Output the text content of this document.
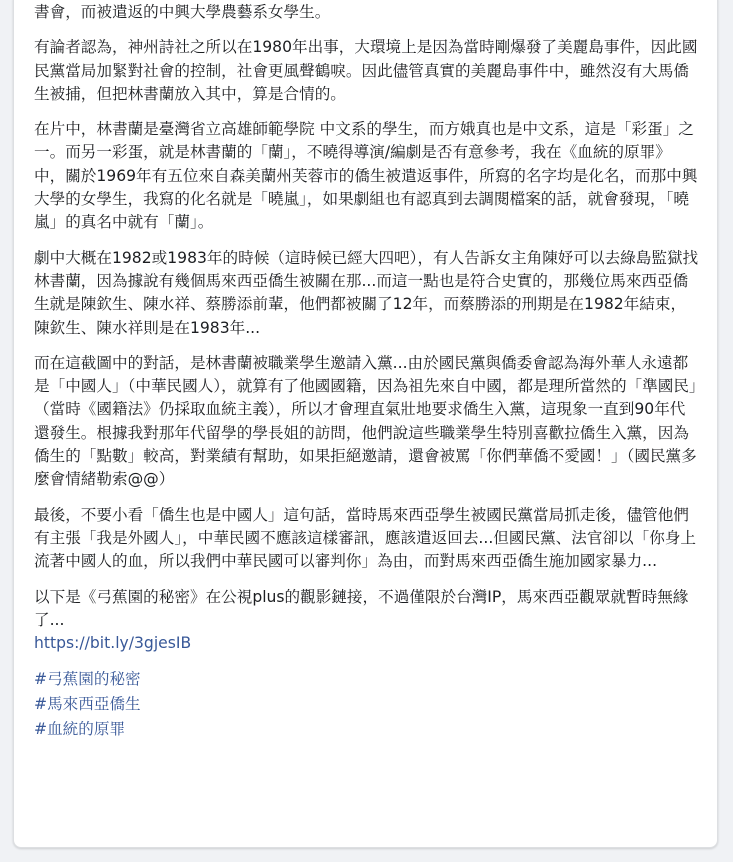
書會，而被遣返的中興大學農藝系女學生。

有論者認為，神州詩社之所以在1980年出事，大環境上是因為當時剛爆發了美麗島事件，因此國民黨當局加緊對社會的控制，社會更風聲鶴唳。因此儘管真實的美麗島事件中，雖然沒有大馬僑生被捕，但把林書蘭放入其中，算是合情的。

在片中，林書蘭是臺灣省立高雄師範學院 中文系的學生，而方娥真也是中文系，這是「彩蛋」之一。而另一彩蛋，就是林書蘭的「蘭」，不曉得導演/編劇是否有意參考，我在《血統的原罪》中，關於1969年有五位來自森美蘭州芙蓉市的僑生被遣返事件，所寫的名字均是化名，而那中興大學的女學生，我寫的化名就是「曉嵐」，如果劇組也有認真到去調閱檔案的話，就會發現，「曉嵐」的真名中就有「蘭」。

劇中大概在1982或1983年的時候（這時候已經大四吧），有人告訴女主角陳妤可以去綠島監獄找林書蘭，因為據說有幾個馬來西亞僑生被關在那...而這一點也是符合史實的，那幾位馬來西亞僑生就是陳欽生、陳水祥、蔡勝添前輩，他們都被關了12年，而蔡勝添的刑期是在1982年結束，陳欽生、陳水祥則是在1983年...

而在這截圖中的對話，是林書蘭被職業學生邀請入黨...由於國民黨與僑委會認為海外華人永遠都是「中國人」（中華民國人），就算有了他國國籍，因為祖先來自中國，都是理所當然的「準國民」（當時《國籍法》仍採取血統主義），所以才會理直氣壯地要求僑生入黨，這現象一直到90年代還發生。根據我對那年代留學的學長姐的訪問，他們說這些職業學生特別喜歡拉僑生入黨，因為僑生的「點數」較高，對業績有幫助，如果拒絕邀請，還會被罵「你們華僑不愛國！」（國民黨多麼會情緒勒索@@）

最後，不要小看「僑生也是中國人」這句話，當時馬來西亞學生被國民黨當局抓走後，儘管他們有主張「我是外國人」，中華民國不應該這樣審訊，應該遣返回去...但國民黨、法官卻以「你身上流著中國人的血，所以我們中華民國可以審判你」為由，而對馬來西亞僑生施加國家暴力...

以下是《弓蕉園的秘密》在公視plus的觀影鏈接，不過僅限於台灣IP，馬來西亞觀眾就暫時無緣了...

https://bit.ly/3gjesIB
#弓蕉園的秘密
#馬來西亞僑生
#血統的原罪
